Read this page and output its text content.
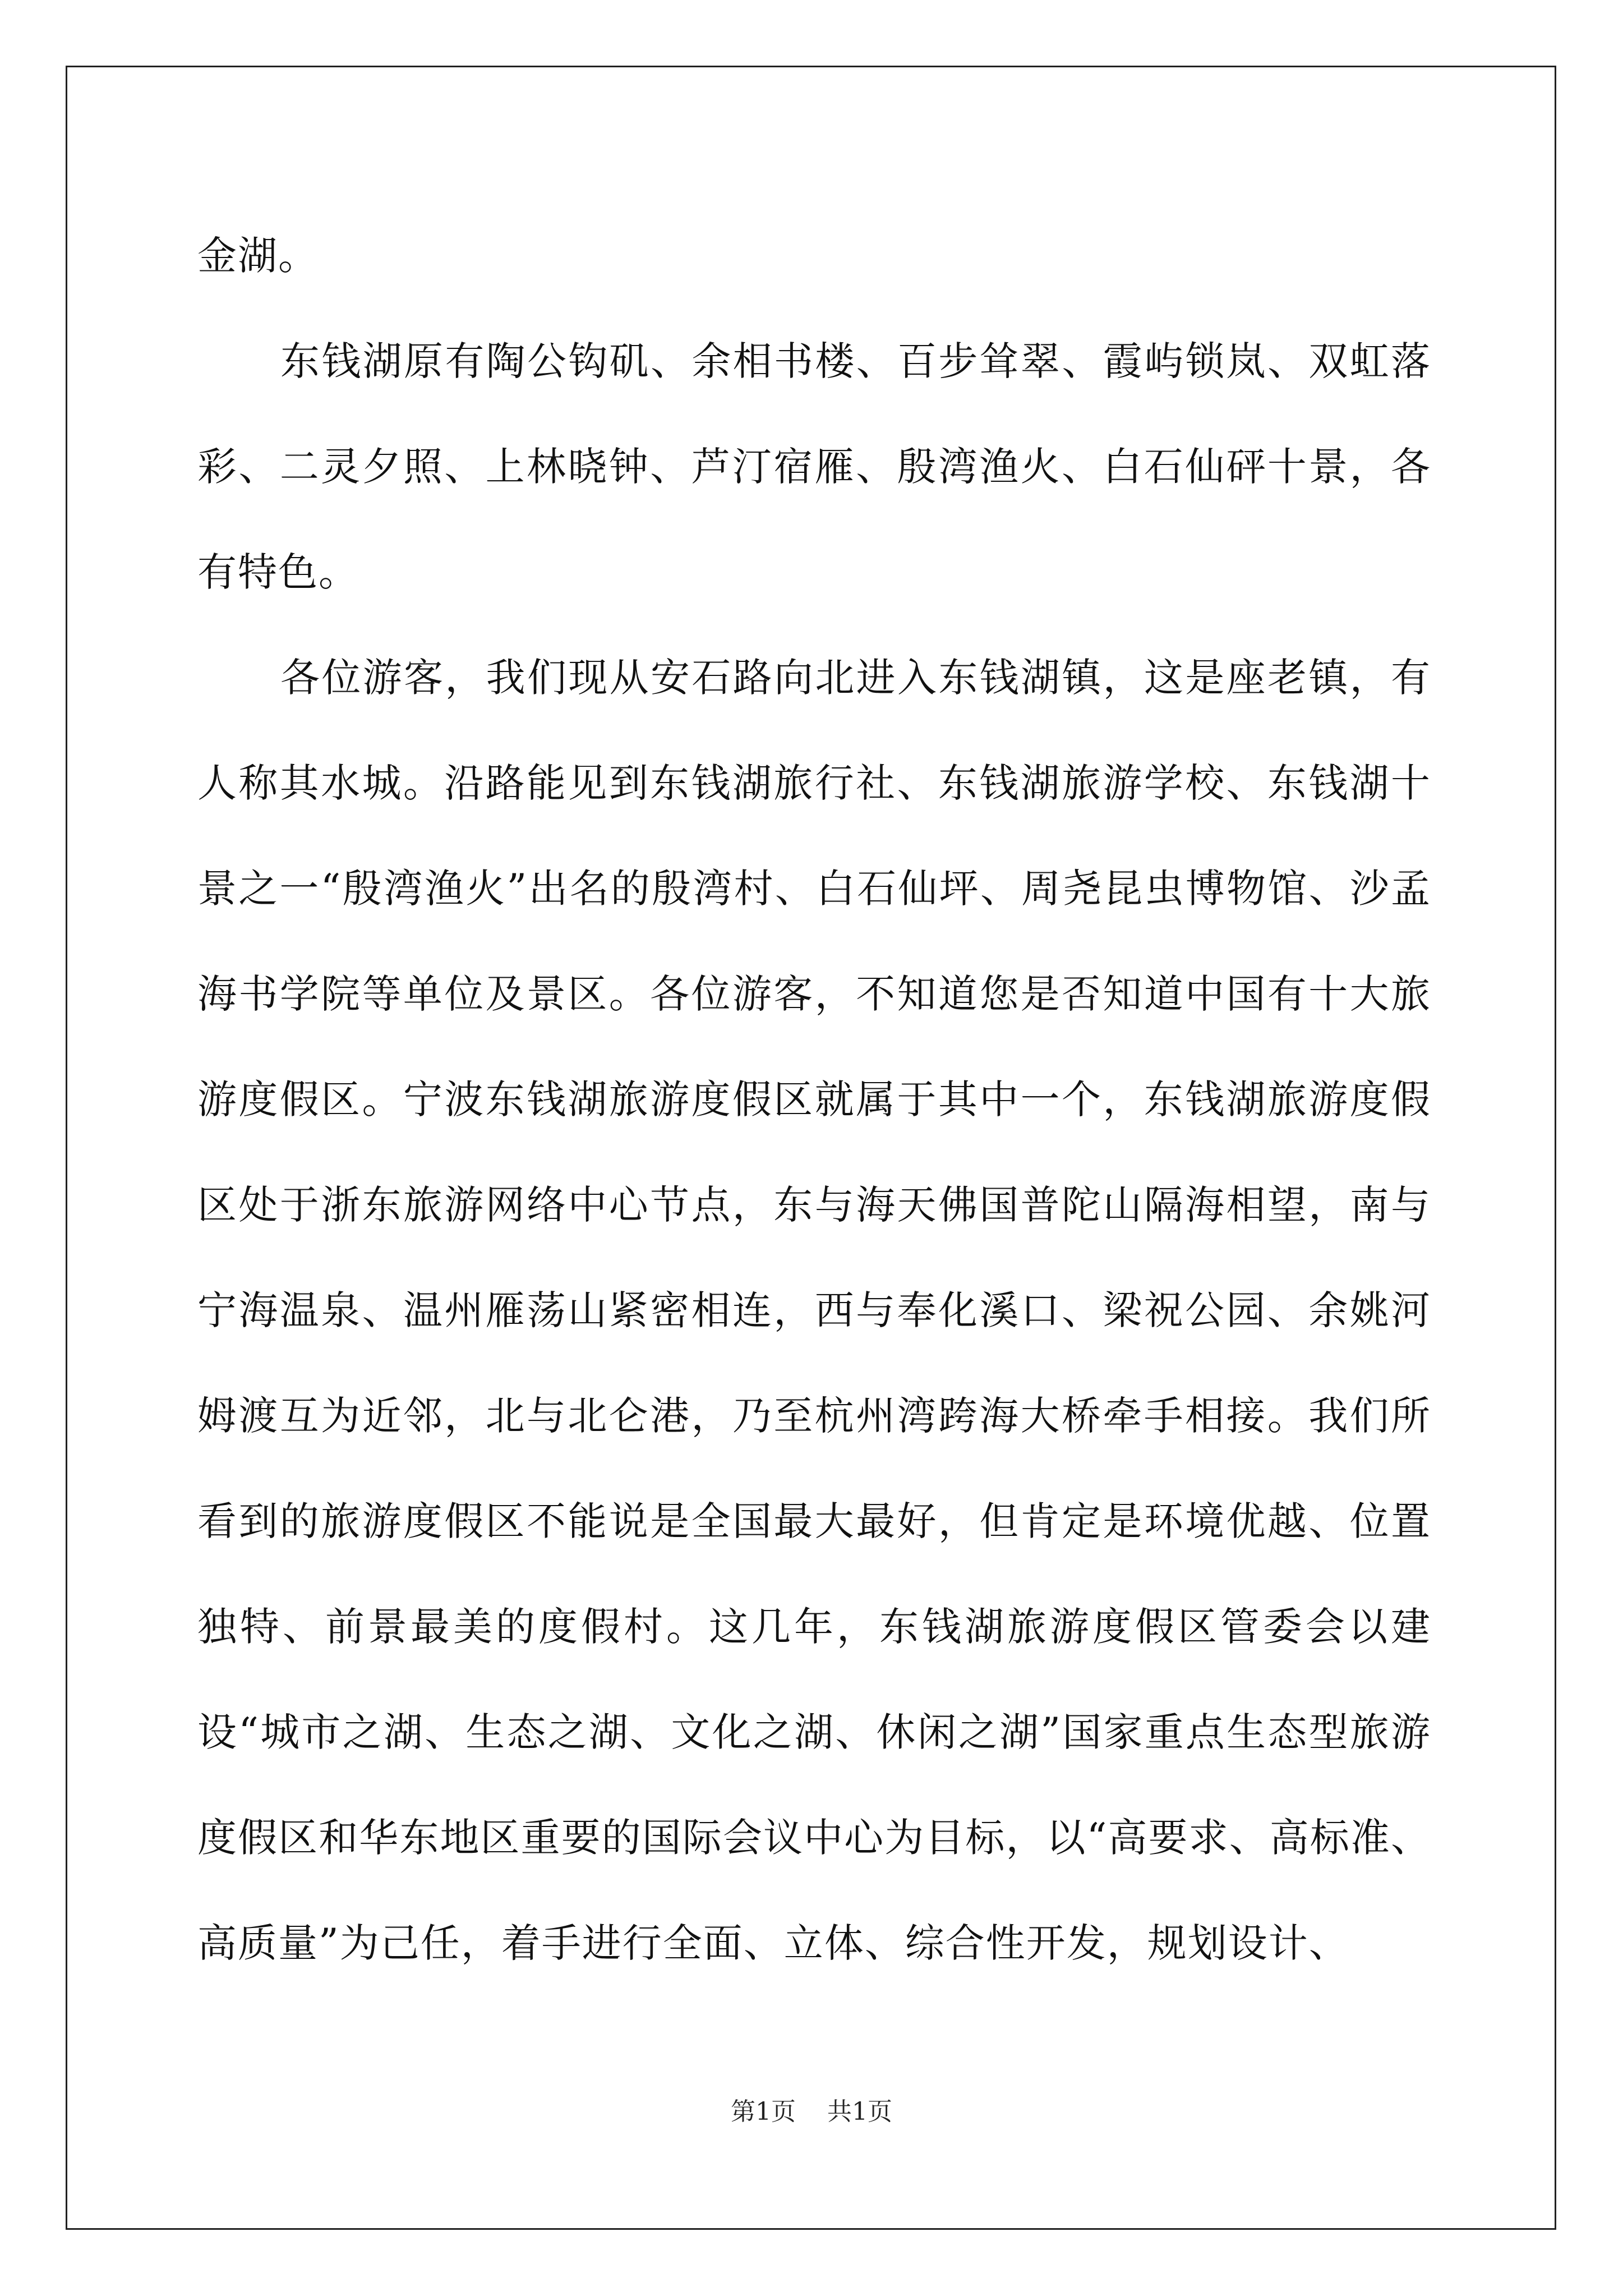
金湖。

东钱湖原有陶公钩矶、余相书楼、百步耸翠、霞屿锁岚、双虹落彩、二灵夕照、上林晓钟、芦汀宿雁、殷湾渔火、白石仙砰十景，各有特色。

各位游客，我们现从安石路向北进入东钱湖镇，这是座老镇，有人称其水城。沿路能见到东钱湖旅行社、东钱湖旅游学校、东钱湖十景之一“殷湾渔火”出名的殷湾村、白石仙坪、周尧昆虫博物馆、沙孟海书学院等单位及景区。各位游客，不知道您是否知道中国有十大旅游度假区。宁波东钱湖旅游度假区就属于其中一个，东钱湖旅游度假区处于浙东旅游网络中心节点，东与海天佛国普陀山隔海相望，南与宁海温泉、温州雁荡山紧密相连，西与奉化溪口、梁祝公园、余姚河姆渡互为近邻，北与北仑港，乃至杭州湾跨海大桥牵手相接。我们所看到的旅游度假区不能说是全国最大最好，但肯定是环境优越、位置独特、前景最美的度假村。这几年，东钱湖旅游度假区管委会以建设“城市之湖、生态之湖、文化之湖、休闲之湖”国家重点生态型旅游度假区和华东地区重要的国际会议中心为目标，以“高要求、高标准、高质量”为己任，着手进行全面、立体、综合性开发，规划设计、

第1页 共1页
